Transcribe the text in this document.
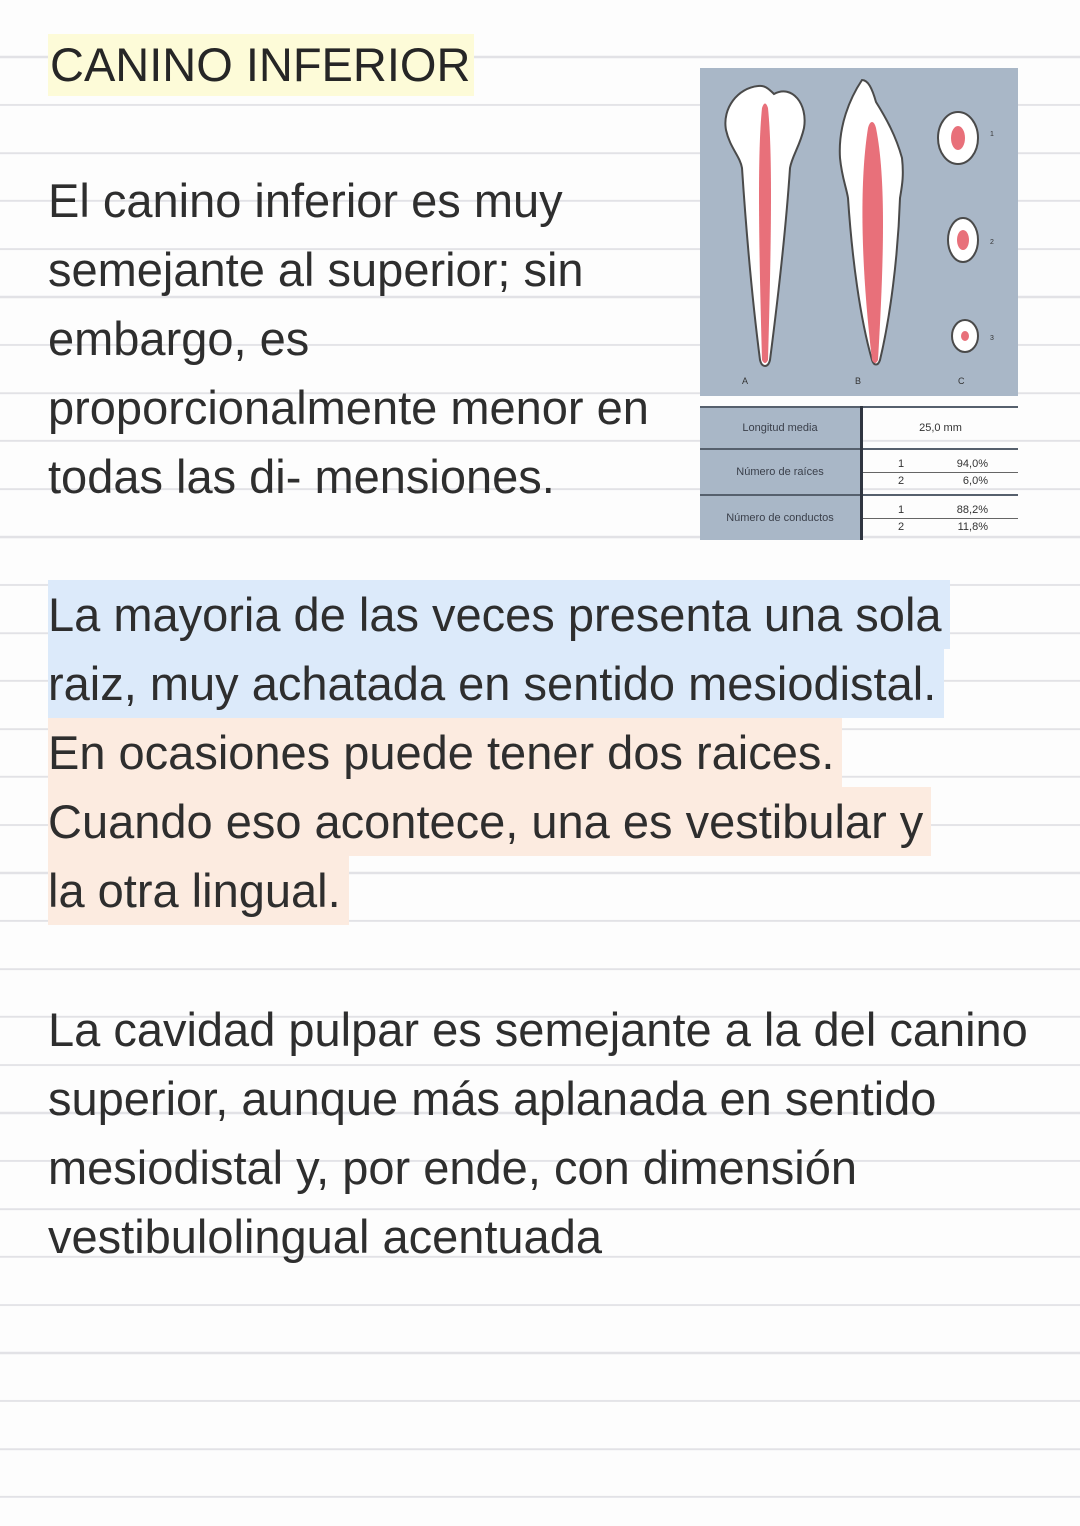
CANINO INFERIOR

El canino inferior es muy semejante al superior; sin embargo, es proporcionalmente menor en todas las di- mensiones.

A	B	C
1
2
3
Longitud media	25,0 mm
Número de raíces	1 94,0%
2 6,0%

Número de conductos	1 88,2%
2 11,8%
La mayoria de las veces presenta una sola
raiz, muy achatada en sentido mesiodistal.
En ocasiones puede tener dos raices.
Cuando eso acontece, una es vestibular y
la otra lingual.

La cavidad pulpar es semejante a la del canino superior, aunque más aplanada en sentido mesiodistal y, por ende, con dimensión vestibulolingual acentuada
